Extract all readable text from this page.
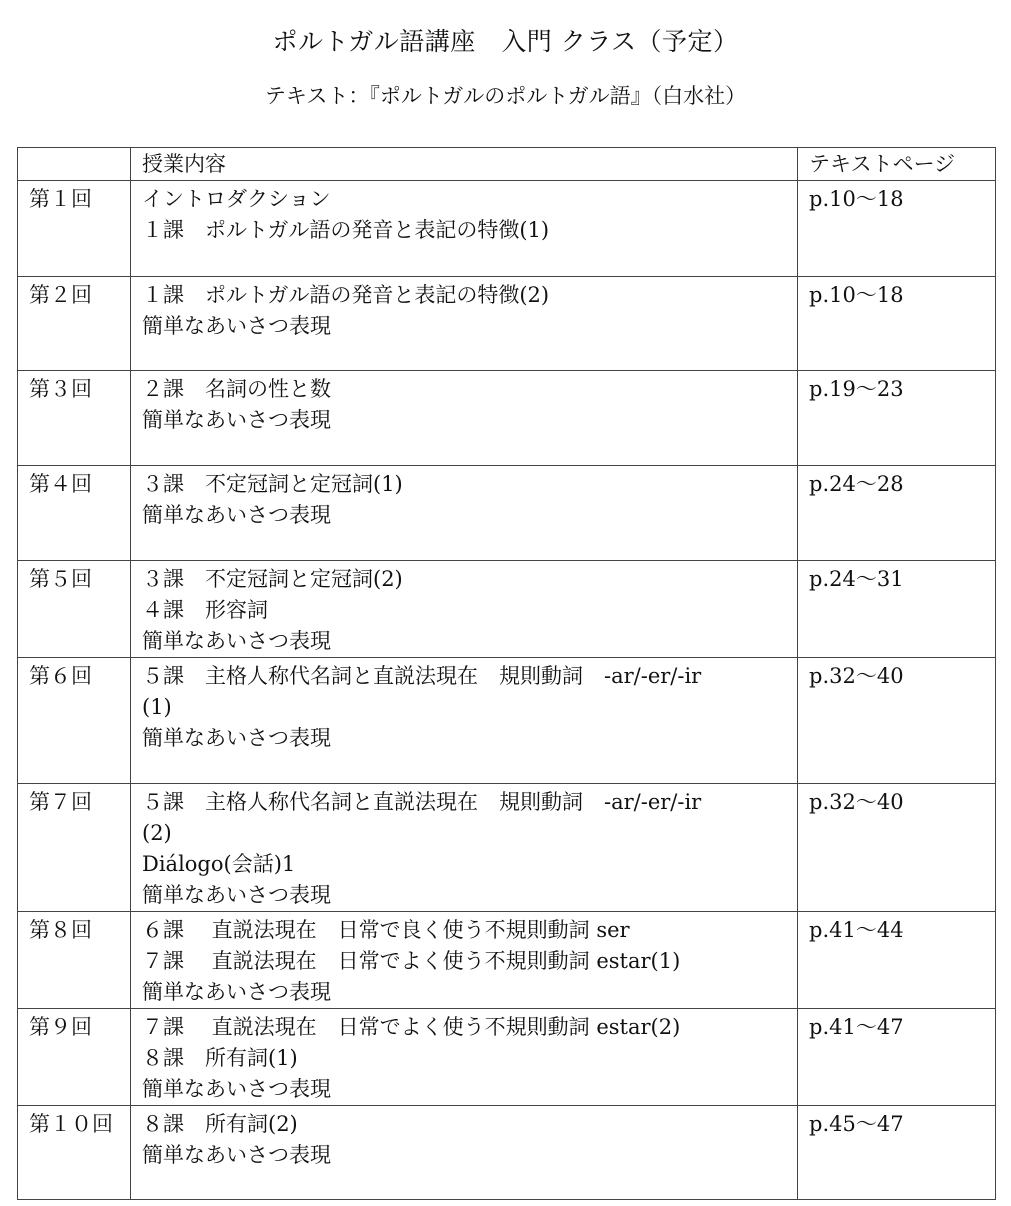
ポルトガル語講座　入門 クラス（予定）
テキスト：『ポルトガルのポルトガル語』（白水社）
	授業内容	テキストページ
第１回	イントロダクション
１課　ポルトガル語の発音と表記の特徴(1)	p.10～18
第２回	１課　ポルトガル語の発音と表記の特徴(2)
簡単なあいさつ表現	p.10～18
第３回	２課　名詞の性と数
簡単なあいさつ表現	p.19～23
第４回	３課　不定冠詞と定冠詞(1)
簡単なあいさつ表現	p.24～28
第５回	３課　不定冠詞と定冠詞(2)
４課　形容詞
簡単なあいさつ表現	p.24～31
第６回	５課　主格人称代名詞と直説法現在　規則動詞　-ar/-er/-ir
(1)
簡単なあいさつ表現	p.32～40
第７回	５課　主格人称代名詞と直説法現在　規則動詞　-ar/-er/-ir
(2)
Diálogo(会話)1
簡単なあいさつ表現	p.32～40
第８回	６課　 直説法現在　日常で良く使う不規則動詞 ser
７課　 直説法現在　日常でよく使う不規則動詞 estar(1)
簡単なあいさつ表現	p.41～44
第９回	７課　 直説法現在　日常でよく使う不規則動詞 estar(2)
８課　所有詞(1)
簡単なあいさつ表現	p.41～47
第１０回	８課　所有詞(2)
簡単なあいさつ表現	p.45～47
